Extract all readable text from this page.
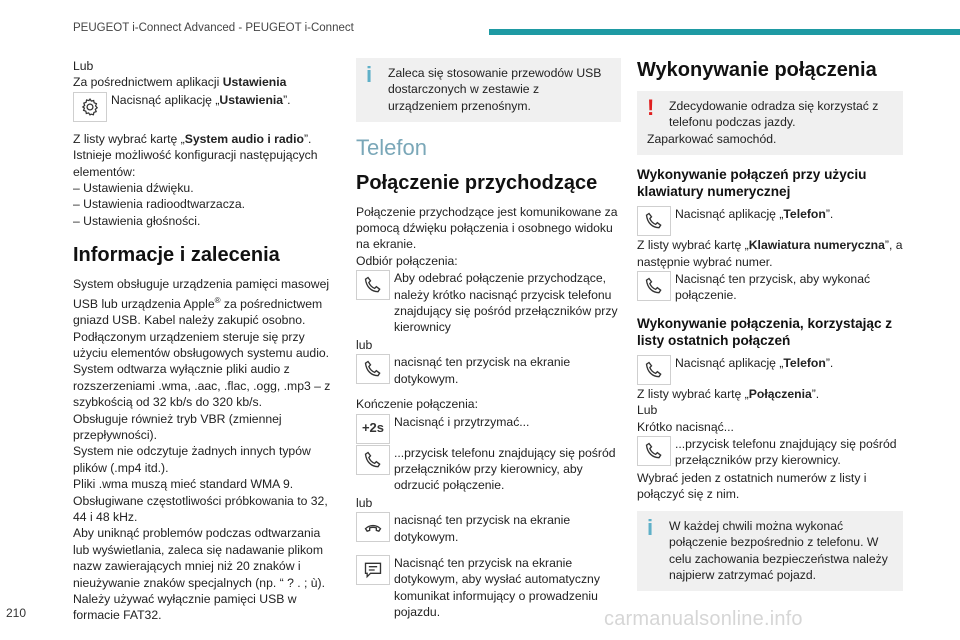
PEUGEOT i-Connect Advanced - PEUGEOT i-Connect

Lub

Za pośrednictwem aplikacji Ustawienia

Nacisnąć aplikację „Ustawienia”.

Z listy wybrać kartę „System audio i radio”.

Istnieje możliwość konfiguracji następujących elementów:

– Ustawienia dźwięku.

– Ustawienia radioodtwarzacza.

– Ustawienia głośności.

Informacje i zalecenia

System obsługuje urządzenia pamięci masowej USB lub urządzenia Apple® za pośrednictwem gniazd USB. Kabel należy zakupić osobno.

Podłączonym urządzeniem steruje się przy użyciu elementów obsługowych systemu audio.

System odtwarza wyłącznie pliki audio z rozszerzeniami .wma, .aac, .flac, .ogg, .mp3 – z szybkością od 32 kb/s do 320 kb/s.

Obsługuje również tryb VBR (zmiennej przepływności).

System nie odczytuje żadnych innych typów plików (.mp4 itd.).

Pliki .wma muszą mieć standard WMA 9.

Obsługiwane częstotliwości próbkowania to 32, 44 i 48 kHz.

Aby uniknąć problemów podczas odtwarzania lub wyświetlania, zaleca się nadawanie plikom nazw zawierających mniej niż 20 znaków i nieużywanie znaków specjalnych (np. “ ? . ; ù).

Należy używać wyłącznie pamięci USB w formacie FAT32.

i	Zaleca się stosowanie przewodów USB dostarczonych w zestawie z urządzeniem przenośnym.

Telefon
Połączenie przychodzące

Połączenie przychodzące jest komunikowane za pomocą dźwięku połączenia i osobnego widoku na ekranie.

Odbiór połączenia:

Aby odebrać połączenie przychodzące, należy krótko nacisnąć przycisk telefonu znajdujący się pośród przełączników przy kierownicy

lub

nacisnąć ten przycisk na ekranie dotykowym.

Kończenie połączenia:

+2s Nacisnąć i przytrzymać...

...przycisk telefonu znajdujący się pośród przełączników przy kierownicy, aby odrzucić połączenie.

lub

nacisnąć ten przycisk na ekranie dotykowym.

Nacisnąć ten przycisk na ekranie dotykowym, aby wysłać automatyczny komunikat informujący o prowadzeniu pojazdu.

Wykonywanie połączenia
!	Zdecydowanie odradza się korzystać z telefonu podczas jazdy.

Zaparkować samochód.

Wykonywanie połączeń przy użyciu klawiatury numerycznej

Nacisnąć aplikację „Telefon”.

Z listy wybrać kartę „Klawiatura numeryczna”, a następnie wybrać numer.

Nacisnąć ten przycisk, aby wykonać połączenie.

Wykonywanie połączenia, korzystając z listy ostatnich połączeń

Nacisnąć aplikację „Telefon”.

Z listy wybrać kartę „Połączenia”.

Lub

Krótko nacisnąć...

...przycisk telefonu znajdujący się pośród przełączników przy kierownicy.

Wybrać jeden z ostatnich numerów z listy i połączyć się z nim.

i	W każdej chwili można wykonać połączenie bezpośrednio z telefonu. W celu zachowania bezpieczeństwa należy najpierw zatrzymać pojazd.

210	carmanualsonline.info
